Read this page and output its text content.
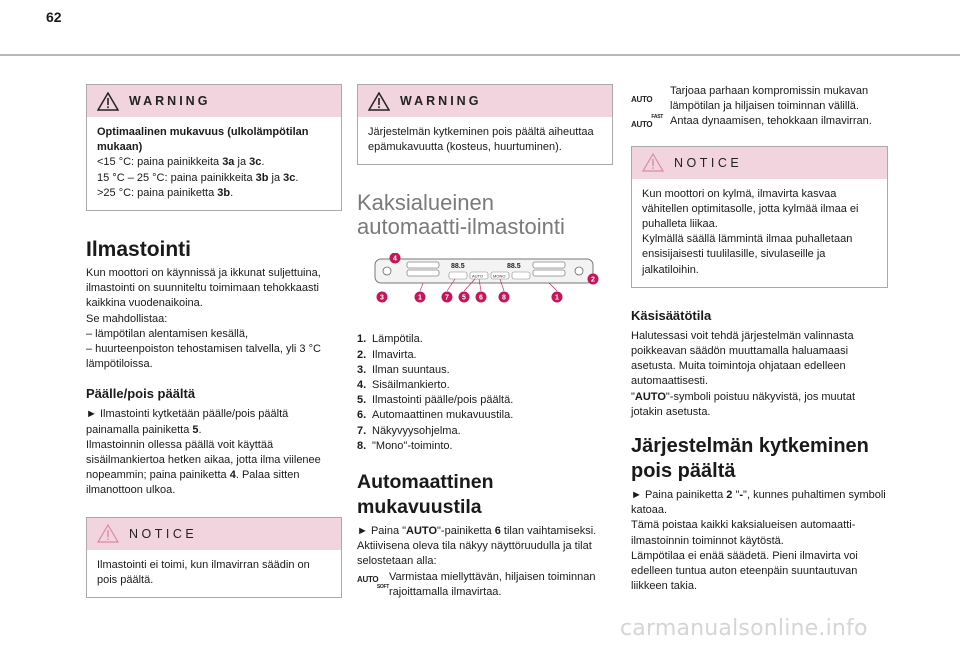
62
WARNING

Optimaalinen mukavuus (ulkolämpötilan mukaan)

<15 °C: paina painikkeita 3a ja 3c.

15 °C – 25 °C: paina painikkeita 3b ja 3c.

>25 °C: paina painiketta 3b.

Ilmastointi

Kun moottori on käynnissä ja ikkunat suljettuina, ilmastointi on suunniteltu toimimaan tehokkaasti kaikkina vuodenaikoina.

Se mahdollistaa:

– lämpötilan alentamisen kesällä,

– huurteenpoiston tehostamisen talvella, yli 3 °C lämpötiloissa.

Päälle/pois päältä

► Ilmastointi kytketään päälle/pois päältä painamalla painiketta 5.

Ilmastoinnin ollessa päällä voit käyttää sisäilmankiertoa hetken aikaa, jotta ilma viilenee nopeammin; paina painiketta 4. Palaa sitten ilmanottoon ulkoa.

NOTICE

Ilmastointi ei toimi, kun ilmavirran säädin on pois päältä.

WARNING

Järjestelmän kytkeminen pois päältä aiheuttaa epämukavuutta (kosteus, huurtuminen).

Kaksialueinen
automaatti-ilmastointi
88.5	88.5
AUTO MONO
4
2
3	1	7 5 6	8	1
1. Lämpötila.
2. Ilmavirta.
3. Ilman suuntaus.
4. Sisäilmankierto.
5. Ilmastointi päälle/pois päältä.
6. Automaattinen mukavuustila.
7. Näkyvyysohjelma.
8. "Mono"-toiminto.
Automaattinen mukavuustila

► Paina "AUTO"-painiketta 6 tilan vaihtamiseksi.

Aktiivisena oleva tila näkyy näyttöruudulla ja tilat selostetaan alla:

AUTO
SOFT
Varmistaa miellyttävän, hiljaisen toiminnan rajoittamalla ilmavirtaa.
AUTO
Tarjoaa parhaan kompromissin mukavan lämpötilan ja hiljaisen toiminnan välillä.
FAST
AUTO	Antaa dynaamisen, tehokkaan ilmavirran.
NOTICE

Kun moottori on kylmä, ilmavirta kasvaa vähitellen optimitasolle, jotta kylmää ilmaa ei puhalleta liikaa.

Kylmällä säällä lämmintä ilmaa puhalletaan ensisijaisesti tuulilasille, sivulaseille ja jalkatiloihin.

Käsisäätötila

Halutessasi voit tehdä järjestelmän valinnasta poikkeavan säädön muuttamalla haluamaasi asetusta. Muita toimintoja ohjataan edelleen automaattisesti.

"AUTO"-symboli poistuu näkyvistä, jos muutat jotakin asetusta.

Järjestelmän kytkeminen
pois päältä

► Paina painiketta 2 "-", kunnes puhaltimen symboli katoaa.

Tämä poistaa kaikki kaksialueisen automaatti-ilmastoinnin toiminnot käytöstä.

Lämpötilaa ei enää säädetä. Pieni ilmavirta voi edelleen tuntua auton eteenpäin suuntautuvan liikkeen takia.

carmanualsonline.info
